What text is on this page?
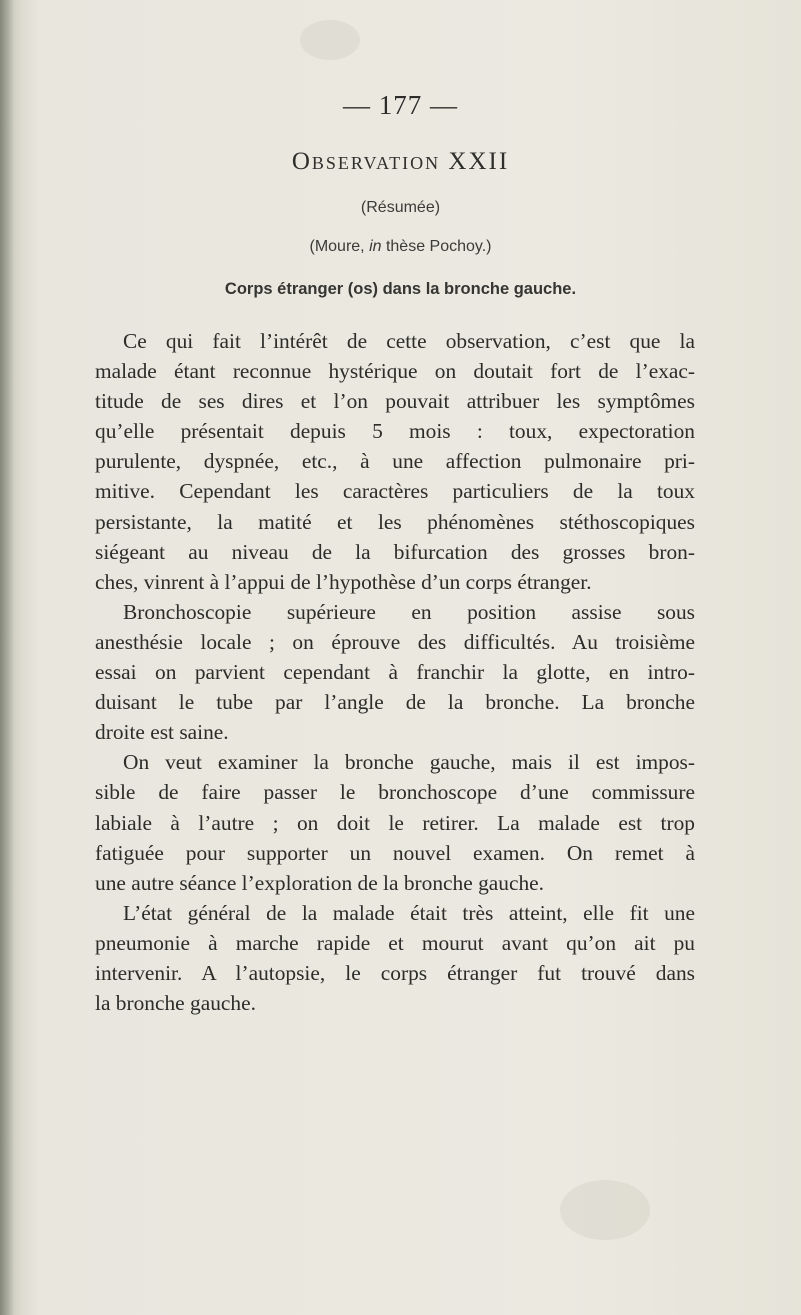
— 177 —
Observation XXII
(Résumée)
(Moure, in thèse Pochoy.)
Corps étranger (os) dans la bronche gauche.
Ce qui fait l’intérêt de cette observation, c’est que la
malade étant reconnue hystérique on doutait fort de l’exac-
titude de ses dires et l’on pouvait attribuer les symptômes
qu’elle présentait depuis 5 mois : toux, expectoration
purulente, dyspnée, etc., à une affection pulmonaire pri-
mitive. Cependant les caractères particuliers de la toux
persistante, la matité et les phénomènes stéthoscopiques
siégeant au niveau de la bifurcation des grosses bron-
ches, vinrent à l’appui de l’hypothèse d’un corps étranger.
Bronchoscopie supérieure en position assise sous
anesthésie locale ; on éprouve des difficultés. Au troisième
essai on parvient cependant à franchir la glotte, en intro-
duisant le tube par l’angle de la bronche. La bronche
droite est saine.
On veut examiner la bronche gauche, mais il est impos-
sible de faire passer le bronchoscope d’une commissure
labiale à l’autre ; on doit le retirer. La malade est trop
fatiguée pour supporter un nouvel examen. On remet à
une autre séance l’exploration de la bronche gauche.
L’état général de la malade était très atteint, elle fit une
pneumonie à marche rapide et mourut avant qu’on ait pu
intervenir. A l’autopsie, le corps étranger fut trouvé dans
la bronche gauche.
